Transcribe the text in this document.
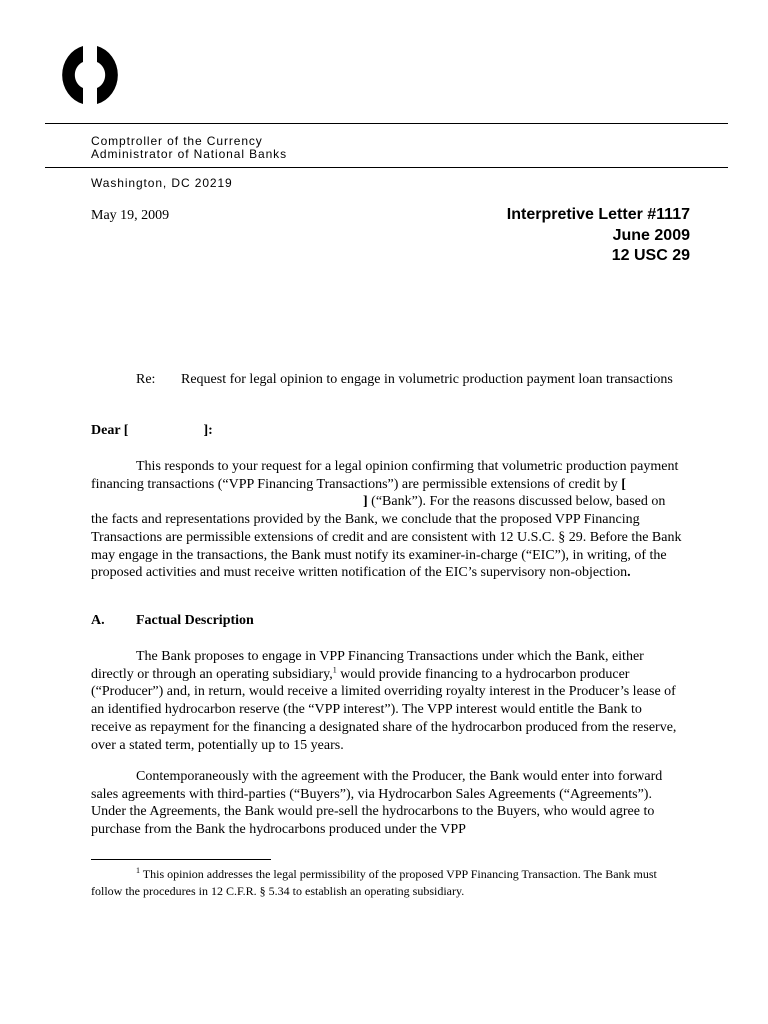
Comptroller of the Currency
Administrator of National Banks
Washington, DC 20219
May 19, 2009	Interpretive Letter #1117
June 2009
12 USC 29
Re: Request for legal opinion to engage in volumetric production payment loan transactions
Dear [	]:

This responds to your request for a legal opinion confirming that volumetric production payment financing transactions (“VPP Financing Transactions”) are permissible extensions of credit by [] (“Bank”). For the reasons discussed below, based on the facts and representations provided by the Bank, we conclude that the proposed VPP Financing Transactions are permissible extensions of credit and are consistent with 12 U.S.C. § 29. Before the Bank may engage in the transactions, the Bank must notify its examiner-in-charge (“EIC”), in writing, of the proposed activities and must receive written notification of the EIC’s supervisory non-objection.

A. Factual Description

The Bank proposes to engage in VPP Financing Transactions under which the Bank, either directly or through an operating subsidiary,$^1$ would provide financing to a hydrocarbon producer (“Producer”) and, in return, would receive a limited overriding royalty interest in the Producer’s lease of an identified hydrocarbon reserve (the “VPP interest”). The VPP interest would entitle the Bank to receive as repayment for the financing a designated share of the hydrocarbon produced from the reserve, over a stated term, potentially up to 15 years.

Contemporaneously with the agreement with the Producer, the Bank would enter into forward sales agreements with third-parties (“Buyers”), via Hydrocarbon Sales Agreements (“Agreements”). Under the Agreements, the Bank would pre-sell the hydrocarbons to the Buyers, who would agree to purchase from the Bank the hydrocarbons produced under the VPP

$^1$ This opinion addresses the legal permissibility of the proposed VPP Financing Transaction. The Bank must follow the procedures in 12 C.F.R. § 5.34 to establish an operating subsidiary.
